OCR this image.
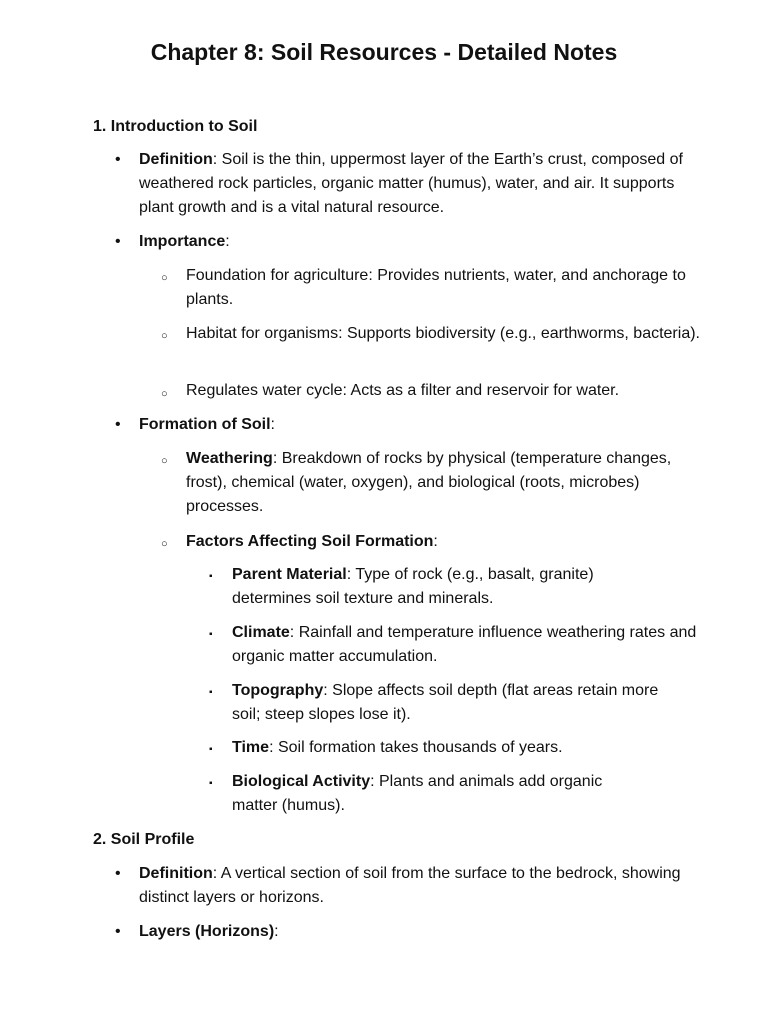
Chapter 8: Soil Resources - Detailed Notes

1. Introduction to Soil

• Definition: Soil is the thin, uppermost layer of the Earth’s crust, composed of weathered rock particles, organic matter (humus), water, and air. It supports plant growth and is a vital natural resource.

• Importance:

○ Foundation for agriculture: Provides nutrients, water, and anchorage to plants.

○ Habitat for organisms: Supports biodiversity (e.g., earthworms, bacteria).

○ Regulates water cycle: Acts as a filter and reservoir for water.

• Formation of Soil:

○ Weathering: Breakdown of rocks by physical (temperature changes, frost), chemical (water, oxygen), and biological (roots, microbes) processes.

○ Factors Affecting Soil Formation:

▪ Parent Material: Type of rock (e.g., basalt, granite) determines soil texture and minerals.

▪ Climate: Rainfall and temperature influence weathering rates and organic matter accumulation.

▪ Topography: Slope affects soil depth (flat areas retain more soil; steep slopes lose it).

▪ Time: Soil formation takes thousands of years.

▪ Biological Activity: Plants and animals add organic matter (humus).

2. Soil Profile

• Definition: A vertical section of soil from the surface to the bedrock, showing distinct layers or horizons.

• Layers (Horizons):
